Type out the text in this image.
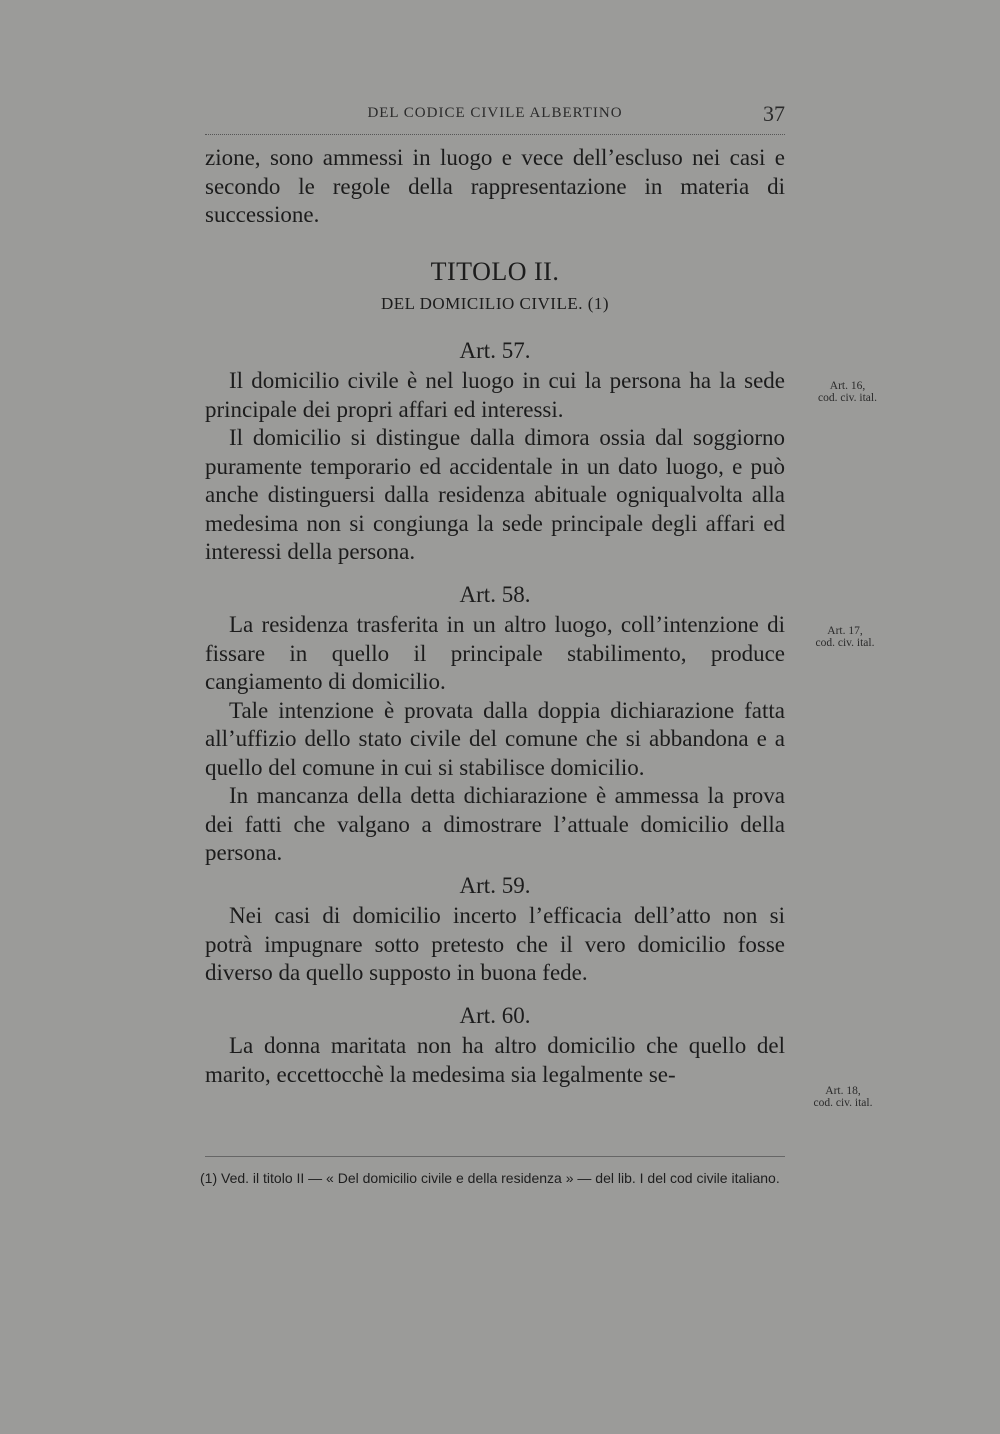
DEL CODICE CIVILE ALBERTINO	37

zione, sono ammessi in luogo e vece dell’escluso nei casi e secondo le regole della rappresentazione in materia di successione.

TITOLO II.
DEL DOMICILIO CIVILE. (1)
Art. 57.

Il domicilio civile è nel luogo in cui la persona ha la sede principale dei propri affari ed interessi.

Il domicilio si distingue dalla dimora ossia dal soggiorno puramente temporario ed accidentale in un dato luogo, e può anche distinguersi dalla residenza abituale ogniqualvolta alla medesima non si congiunga la sede principale degli affari ed interessi della persona.

Art. 58.

La residenza trasferita in un altro luogo, coll’intenzione di fissare in quello il principale stabilimento, produce cangiamento di domicilio.

Tale intenzione è provata dalla doppia dichiarazione fatta all’uffizio dello stato civile del comune che si abbandona e a quello del comune in cui si stabilisce domicilio.

In mancanza della detta dichiarazione è ammessa la prova dei fatti che valgano a dimostrare l’attuale domicilio della persona.

Art. 59.

Nei casi di domicilio incerto l’efficacia dell’atto non si potrà impugnare sotto pretesto che il vero domicilio fosse diverso da quello supposto in buona fede.

Art. 60.

La donna maritata non ha altro domicilio che quello del marito, eccettocchè la medesima sia legalmente se-

Art. 16,
cod. civ. ital.
Art. 17,
cod. civ. ital.
Art. 18,
cod. civ. ital.

(1) Ved. il titolo II — « Del domicilio civile e della residenza » — del lib. I del cod civile italiano.
